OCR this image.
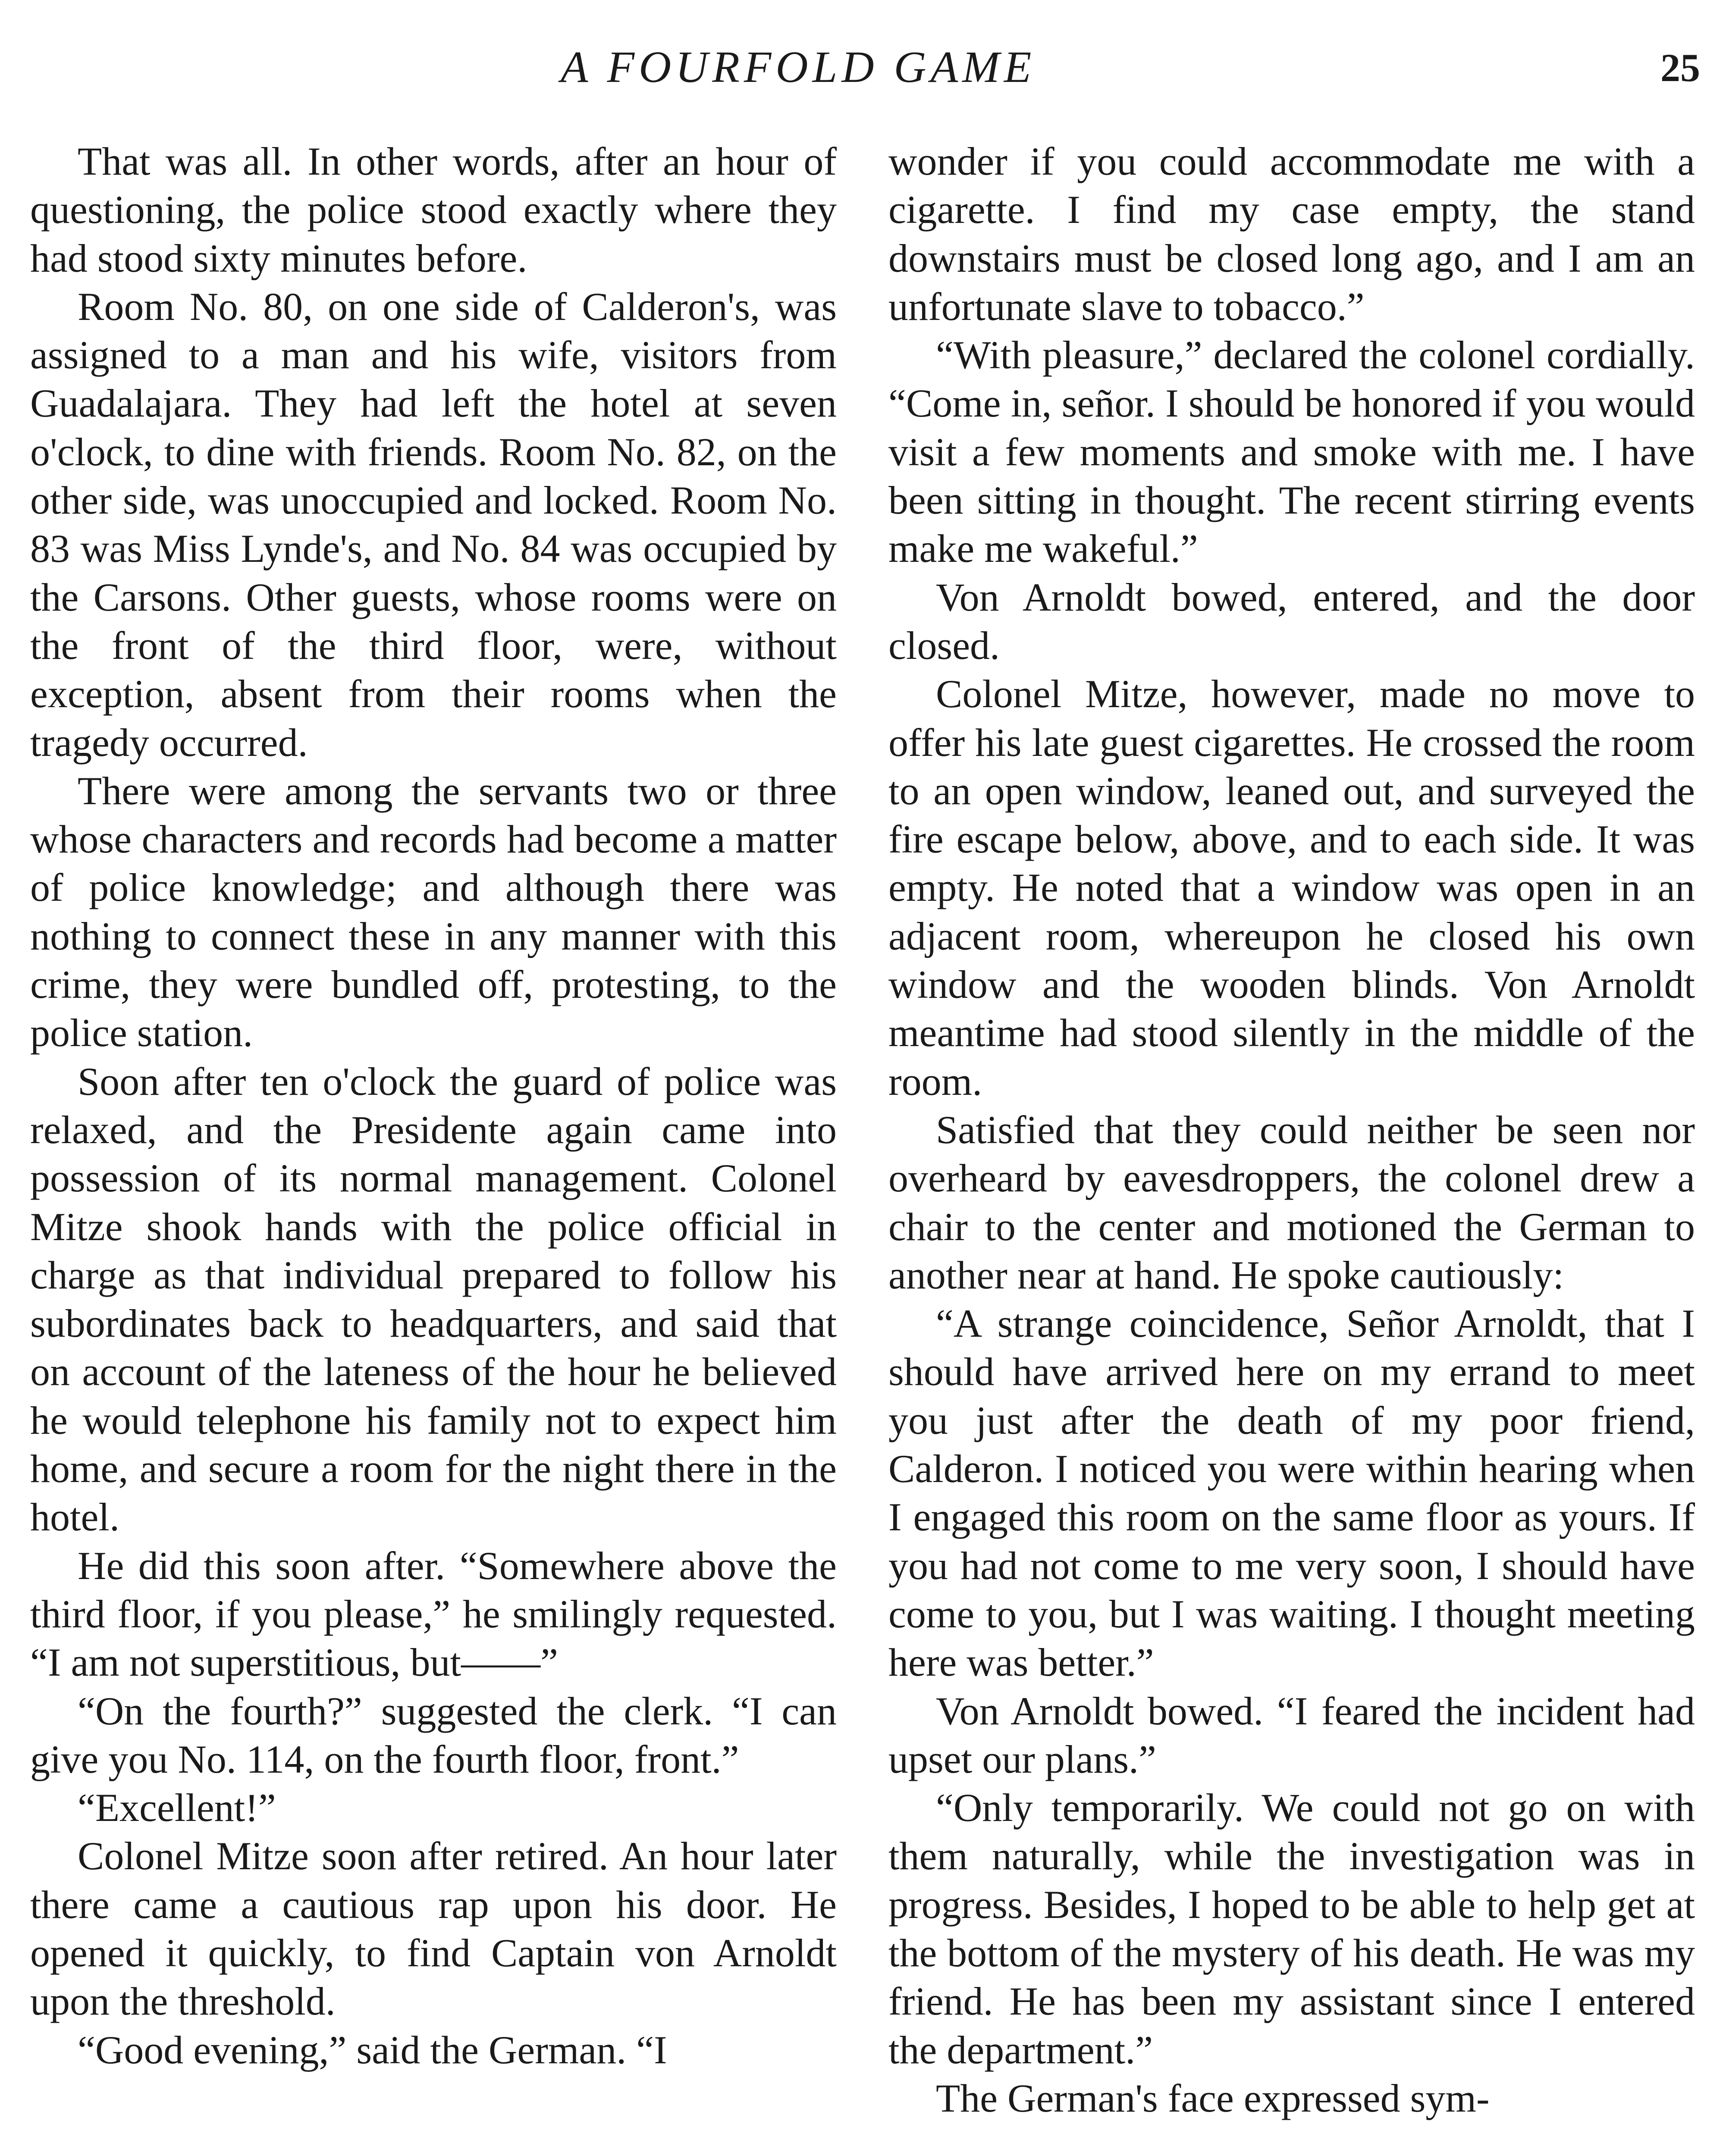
A FOURFOLD GAME	25

That was all. In other words, after an hour of questioning, the police stood exactly where they had stood sixty minutes before.

Room No. 80, on one side of Calderon's, was assigned to a man and his wife, visitors from Guadalajara. They had left the hotel at seven o'clock, to dine with friends. Room No. 82, on the other side, was unoccupied and locked. Room No. 83 was Miss Lynde's, and No. 84 was occupied by the Carsons. Other guests, whose rooms were on the front of the third floor, were, without exception, absent from their rooms when the tragedy occurred.

There were among the servants two or three whose characters and records had become a matter of police knowledge; and although there was nothing to connect these in any manner with this crime, they were bundled off, protesting, to the police station.

Soon after ten o'clock the guard of police was relaxed, and the Presidente again came into possession of its normal management. Colonel Mitze shook hands with the police official in charge as that individual prepared to follow his subordinates back to headquarters, and said that on account of the lateness of the hour he believed he would telephone his family not to expect him home, and secure a room for the night there in the hotel.

He did this soon after. “Somewhere above the third floor, if you please,” he smilingly requested. “I am not superstitious, but——”

“On the fourth?” suggested the clerk. “I can give you No. 114, on the fourth floor, front.”

“Excellent!”

Colonel Mitze soon after retired. An hour later there came a cautious rap upon his door. He opened it quickly, to find Captain von Arnoldt upon the threshold.

“Good evening,” said the German. “I

wonder if you could accommodate me with a cigarette. I find my case empty, the stand downstairs must be closed long ago, and I am an unfortunate slave to tobacco.”

“With pleasure,” declared the colonel cordially. “Come in, señor. I should be honored if you would visit a few moments and smoke with me. I have been sitting in thought. The recent stirring events make me wakeful.”

Von Arnoldt bowed, entered, and the door closed.

Colonel Mitze, however, made no move to offer his late guest cigarettes. He crossed the room to an open window, leaned out, and surveyed the fire escape below, above, and to each side. It was empty. He noted that a window was open in an adjacent room, whereupon he closed his own window and the wooden blinds. Von Arnoldt meantime had stood silently in the middle of the room.

Satisfied that they could neither be seen nor overheard by eavesdroppers, the colonel drew a chair to the center and motioned the German to another near at hand. He spoke cautiously:

“A strange coincidence, Señor Arnoldt, that I should have arrived here on my errand to meet you just after the death of my poor friend, Calderon. I noticed you were within hearing when I engaged this room on the same floor as yours. If you had not come to me very soon, I should have come to you, but I was waiting. I thought meeting here was better.”

Von Arnoldt bowed. “I feared the incident had upset our plans.”

“Only temporarily. We could not go on with them naturally, while the investigation was in progress. Besides, I hoped to be able to help get at the bottom of the mystery of his death. He was my friend. He has been my assistant since I entered the department.”

The German's face expressed sym-
